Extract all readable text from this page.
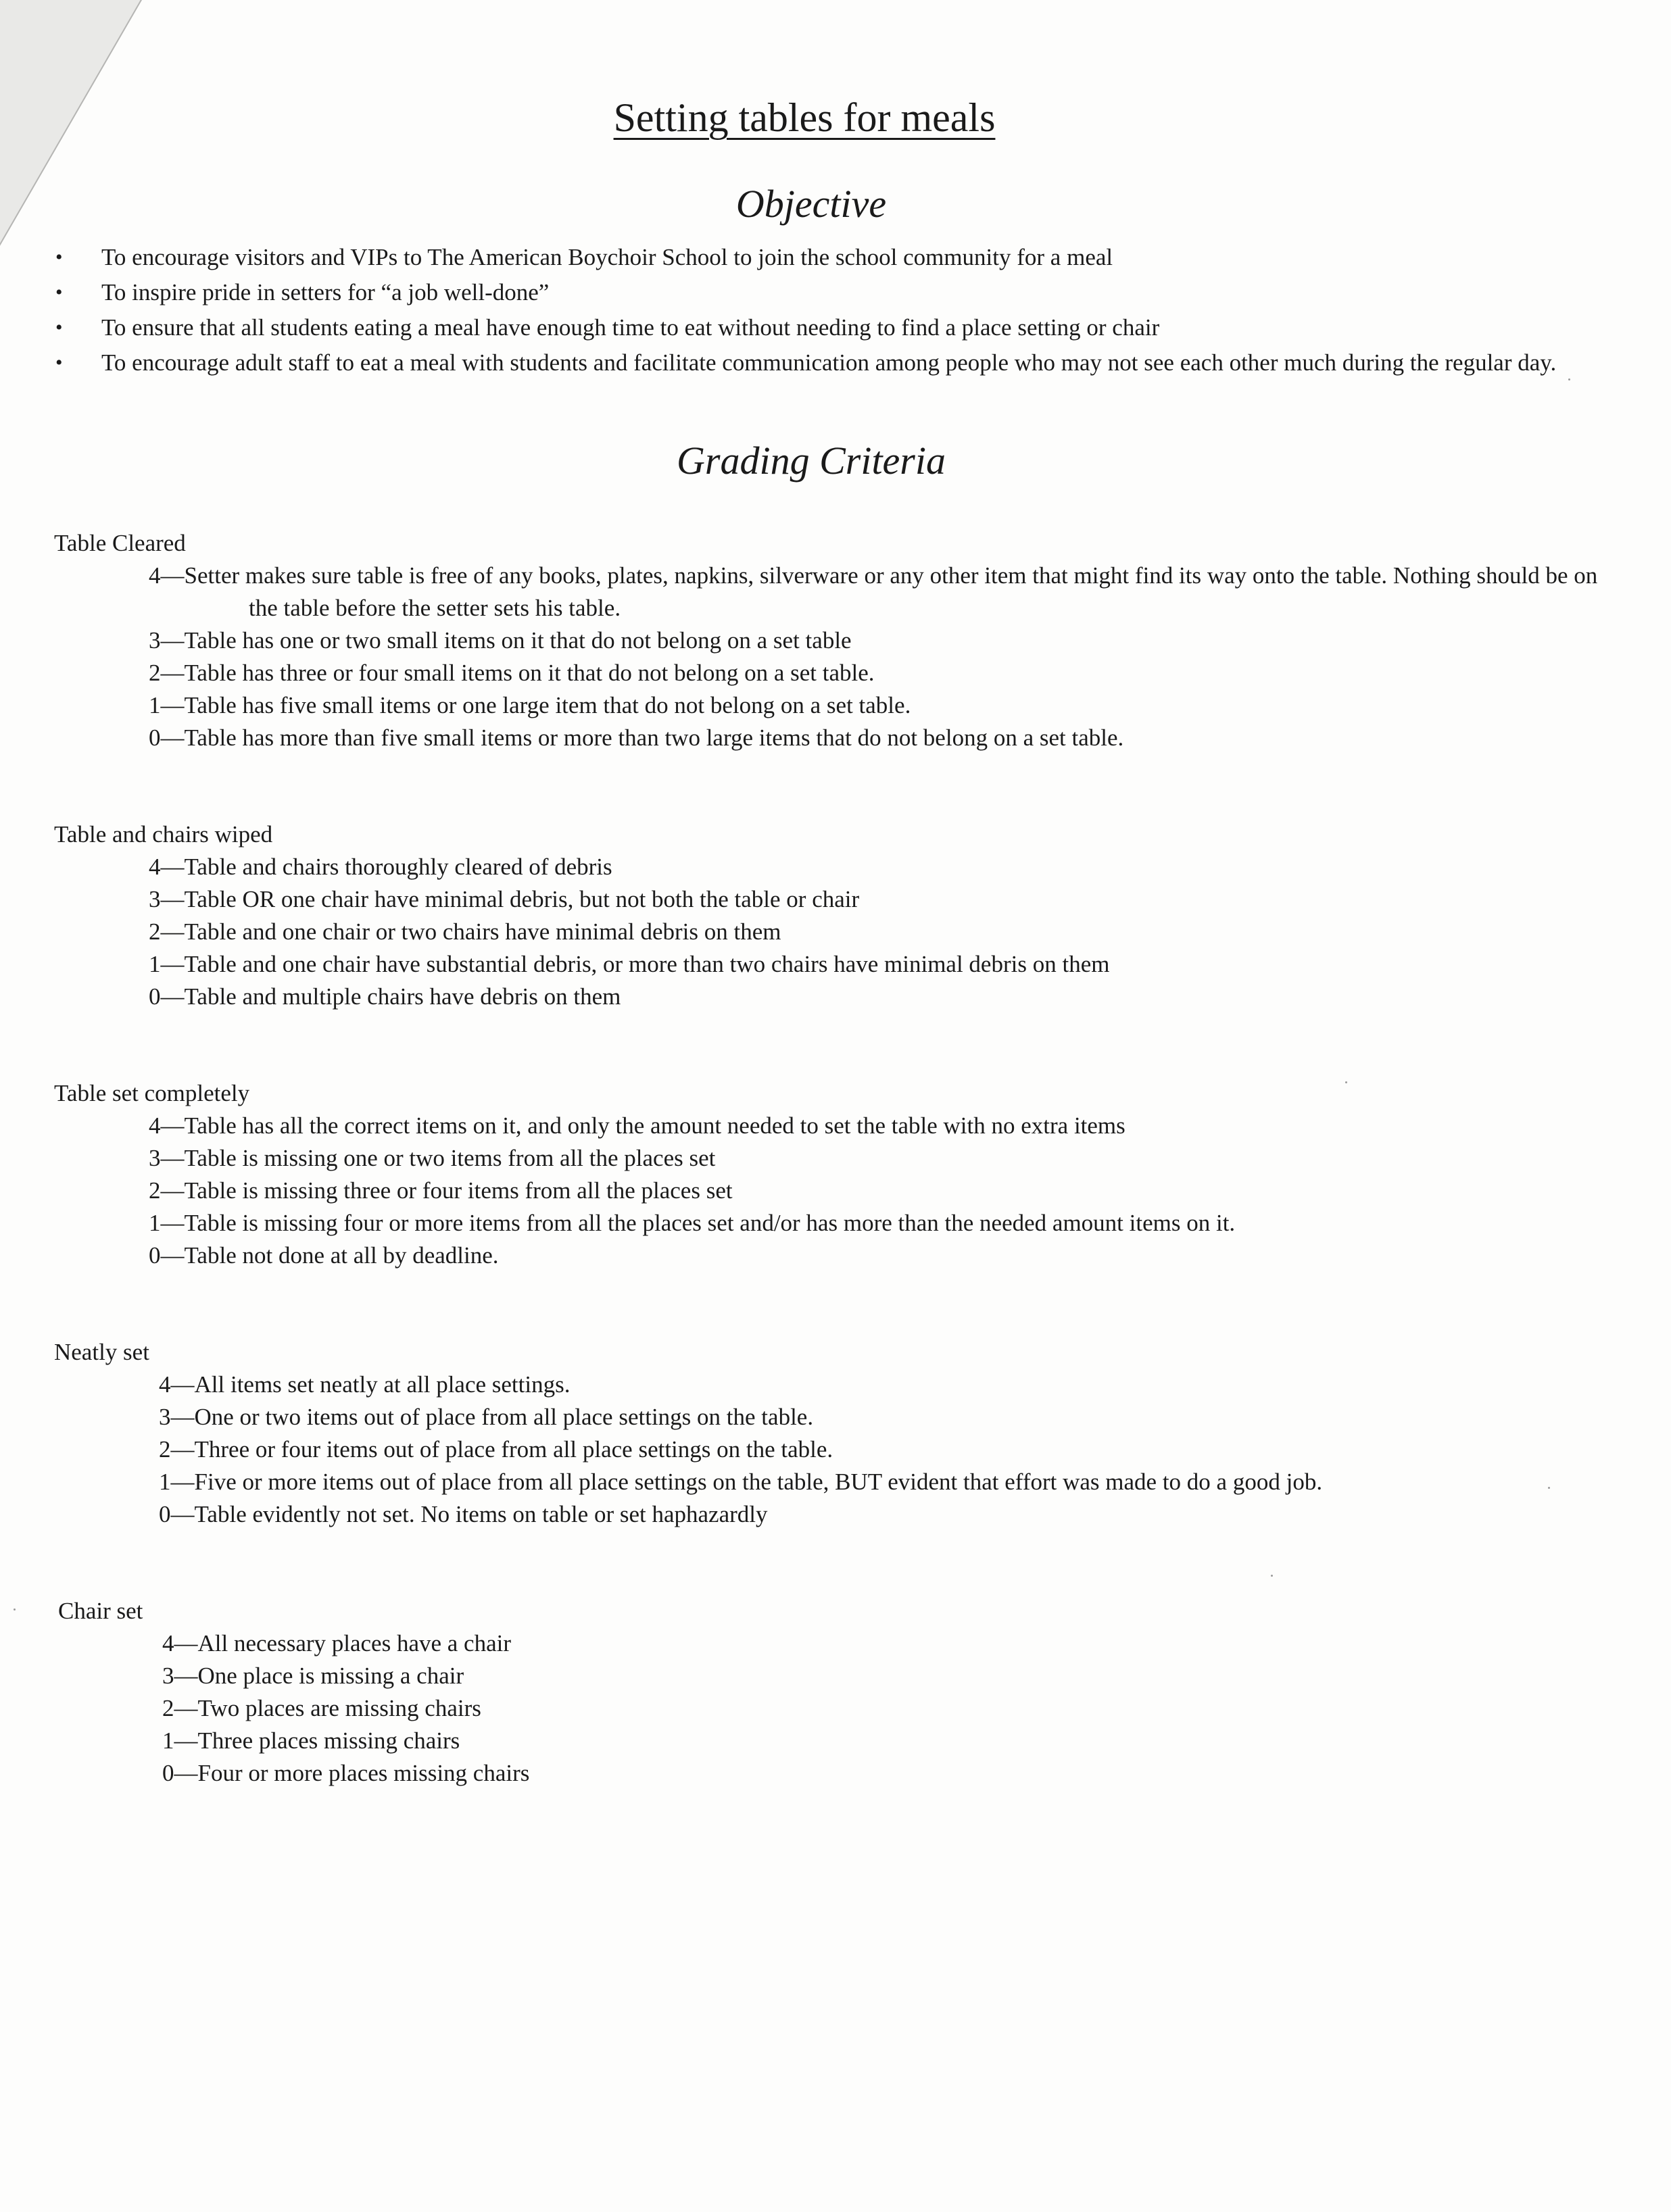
Setting tables for meals
Objective
• To encourage visitors and VIPs to The American Boychoir School to join the school community for a meal
• To inspire pride in setters for “a job well-done”
• To ensure that all students eating a meal have enough time to eat without needing to find a place setting or chair
• To encourage adult staff to eat a meal with students and facilitate communication among people who may not see each other much during the regular day.
Grading Criteria
Table Cleared
4—Setter makes sure table is free of any books, plates, napkins, silverware or any other item that might find its way onto the table. Nothing should be on the table before the setter sets his table.
3—Table has one or two small items on it that do not belong on a set table
2—Table has three or four small items on it that do not belong on a set table.
1—Table has five small items or one large item that do not belong on a set table.
0—Table has more than five small items or more than two large items that do not belong on a set table.
Table and chairs wiped
4—Table and chairs thoroughly cleared of debris
3—Table OR one chair have minimal debris, but not both the table or chair
2—Table and one chair or two chairs have minimal debris on them
1—Table and one chair have substantial debris, or more than two chairs have minimal debris on them
0—Table and multiple chairs have debris on them
Table set completely
4—Table has all the correct items on it, and only the amount needed to set the table with no extra items
3—Table is missing one or two items from all the places set
2—Table is missing three or four items from all the places set
1—Table is missing four or more items from all the places set and/or has more than the needed amount items on it.
0—Table not done at all by deadline.
Neatly set
4—All items set neatly at all place settings.
3—One or two items out of place from all place settings on the table.
2—Three or four items out of place from all place settings on the table.
1—Five or more items out of place from all place settings on the table, BUT evident that effort was made to do a good job.
0—Table evidently not set. No items on table or set haphazardly
Chair set
4—All necessary places have a chair
3—One place is missing a chair
2—Two places are missing chairs
1—Three places missing chairs
0—Four or more places missing chairs
